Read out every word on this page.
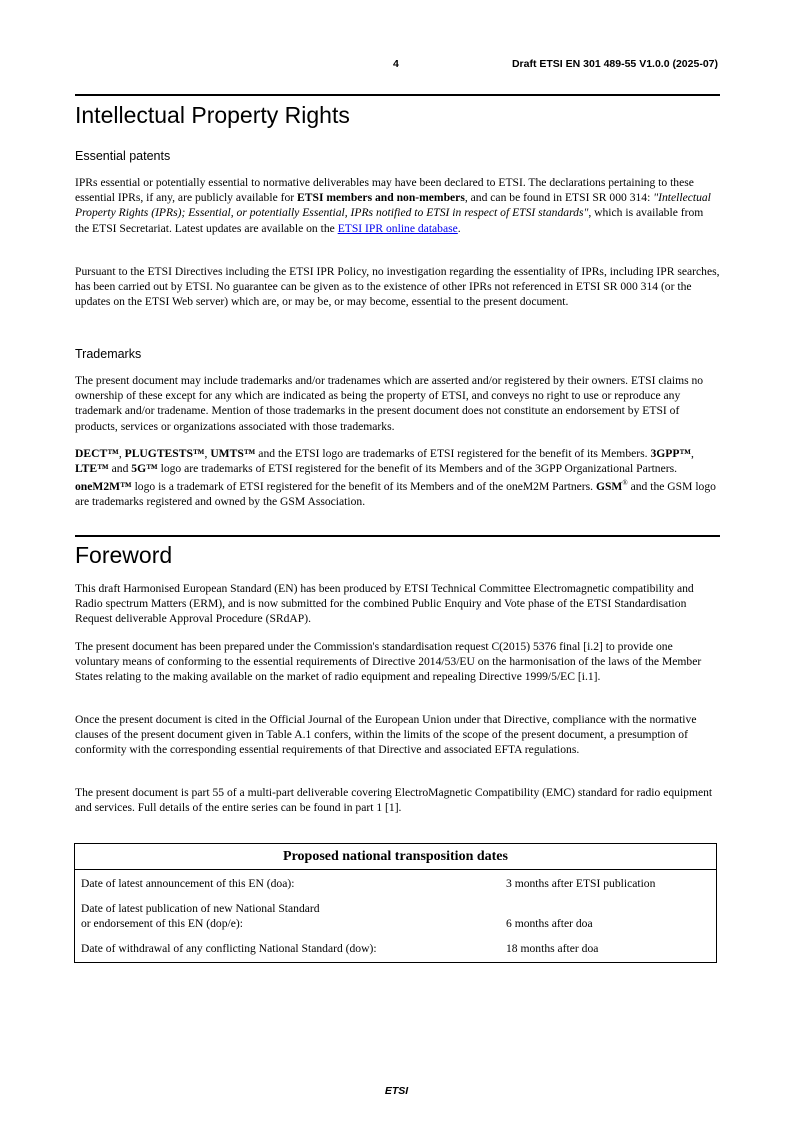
4	Draft ETSI EN 301 489-55 V1.0.0 (2025-07)
Intellectual Property Rights
Essential patents

IPRs essential or potentially essential to normative deliverables may have been declared to ETSI. The declarations pertaining to these essential IPRs, if any, are publicly available for ETSI members and non-members, and can be found in ETSI SR 000 314: "Intellectual Property Rights (IPRs); Essential, or potentially Essential, IPRs notified to ETSI in respect of ETSI standards", which is available from the ETSI Secretariat. Latest updates are available on the ETSI IPR online database.

Pursuant to the ETSI Directives including the ETSI IPR Policy, no investigation regarding the essentiality of IPRs, including IPR searches, has been carried out by ETSI. No guarantee can be given as to the existence of other IPRs not referenced in ETSI SR 000 314 (or the updates on the ETSI Web server) which are, or may be, or may become, essential to the present document.

Trademarks

The present document may include trademarks and/or tradenames which are asserted and/or registered by their owners. ETSI claims no ownership of these except for any which are indicated as being the property of ETSI, and conveys no right to use or reproduce any trademark and/or tradename. Mention of those trademarks in the present document does not constitute an endorsement by ETSI of products, services or organizations associated with those trademarks.

DECT™, PLUGTESTS™, UMTS™ and the ETSI logo are trademarks of ETSI registered for the benefit of its Members. 3GPP™, LTE™ and 5G™ logo are trademarks of ETSI registered for the benefit of its Members and of the 3GPP Organizational Partners. oneM2M™ logo is a trademark of ETSI registered for the benefit of its Members and of the oneM2M Partners. GSM® and the GSM logo are trademarks registered and owned by the GSM Association.

Foreword

This draft Harmonised European Standard (EN) has been produced by ETSI Technical Committee Electromagnetic compatibility and Radio spectrum Matters (ERM), and is now submitted for the combined Public Enquiry and Vote phase of the ETSI Standardisation Request deliverable Approval Procedure (SRdAP).

The present document has been prepared under the Commission's standardisation request C(2015) 5376 final [i.2] to provide one voluntary means of conforming to the essential requirements of Directive 2014/53/EU on the harmonisation of the laws of the Member States relating to the making available on the market of radio equipment and repealing Directive 1999/5/EC [i.1].

Once the present document is cited in the Official Journal of the European Union under that Directive, compliance with the normative clauses of the present document given in Table A.1 confers, within the limits of the scope of the present document, a presumption of conformity with the corresponding essential requirements of that Directive and associated EFTA regulations.

The present document is part 55 of a multi-part deliverable covering ElectroMagnetic Compatibility (EMC) standard for radio equipment and services. Full details of the entire series can be found in part 1 [1].

Proposed national transposition dates	
Date of latest announcement of this EN (doa):	3 months after ETSI publication
Date of latest publication of new National Standard
or endorsement of this EN (dop/e):	6 months after doa
Date of withdrawal of any conflicting National Standard (dow):	18 months after doa
ETSI
